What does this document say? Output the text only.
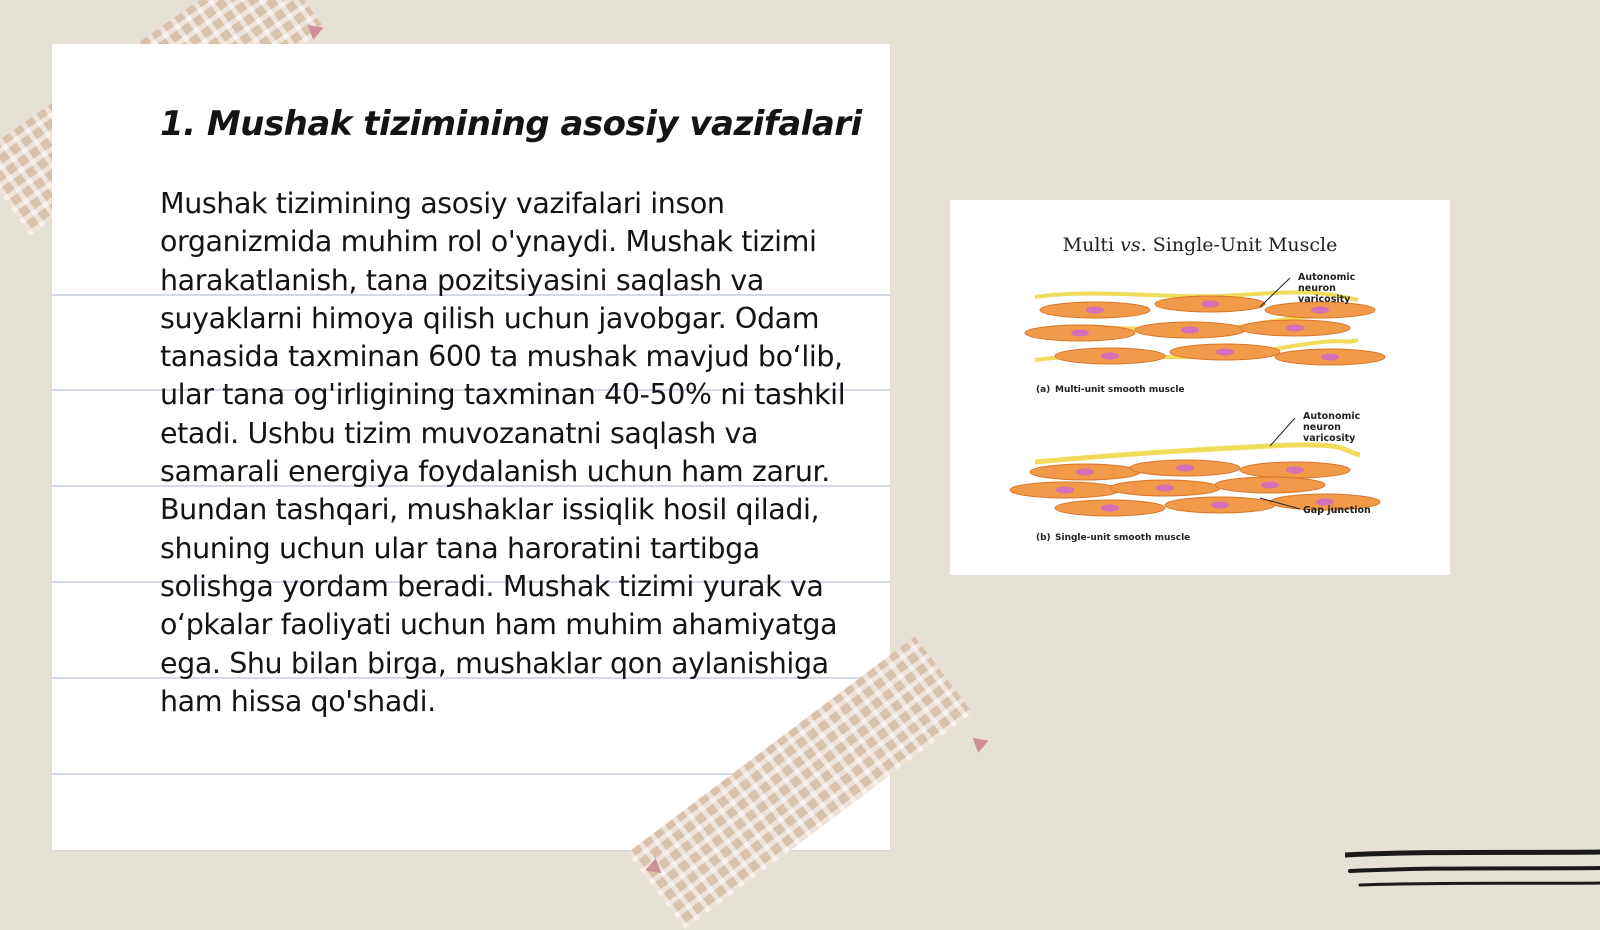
1. Mushak tizimining asosiy vazifalari

Mushak tizimining asosiy vazifalari inson organizmida muhim rol o'ynaydi. Mushak tizimi harakatlanish, tana pozitsiyasini saqlash va suyaklarni himoya qilish uchun javobgar. Odam tanasida taxminan 600 ta mushak mavjud bo‘lib, ular tana og'irligining taxminan 40-50% ni tashkil etadi. Ushbu tizim muvozanatni saqlash va samarali energiya foydalanish uchun ham zarur. Bundan tashqari, mushaklar issiqlik hosil qiladi, shuning uchun ular tana haroratini tartibga solishga yordam beradi. Mushak tizimi yurak va o‘pkalar faoliyati uchun ham muhim ahamiyatga ega. Shu bilan birga, mushaklar qon aylanishiga ham hissa qo'shadi.

Multi vs. Single-Unit Muscle
Autonomic
neuron
varicosity
(a) Multi-unit smooth muscle
Autonomic
neuron
varicosity
Gap junction
(b) Single-unit smooth muscle
